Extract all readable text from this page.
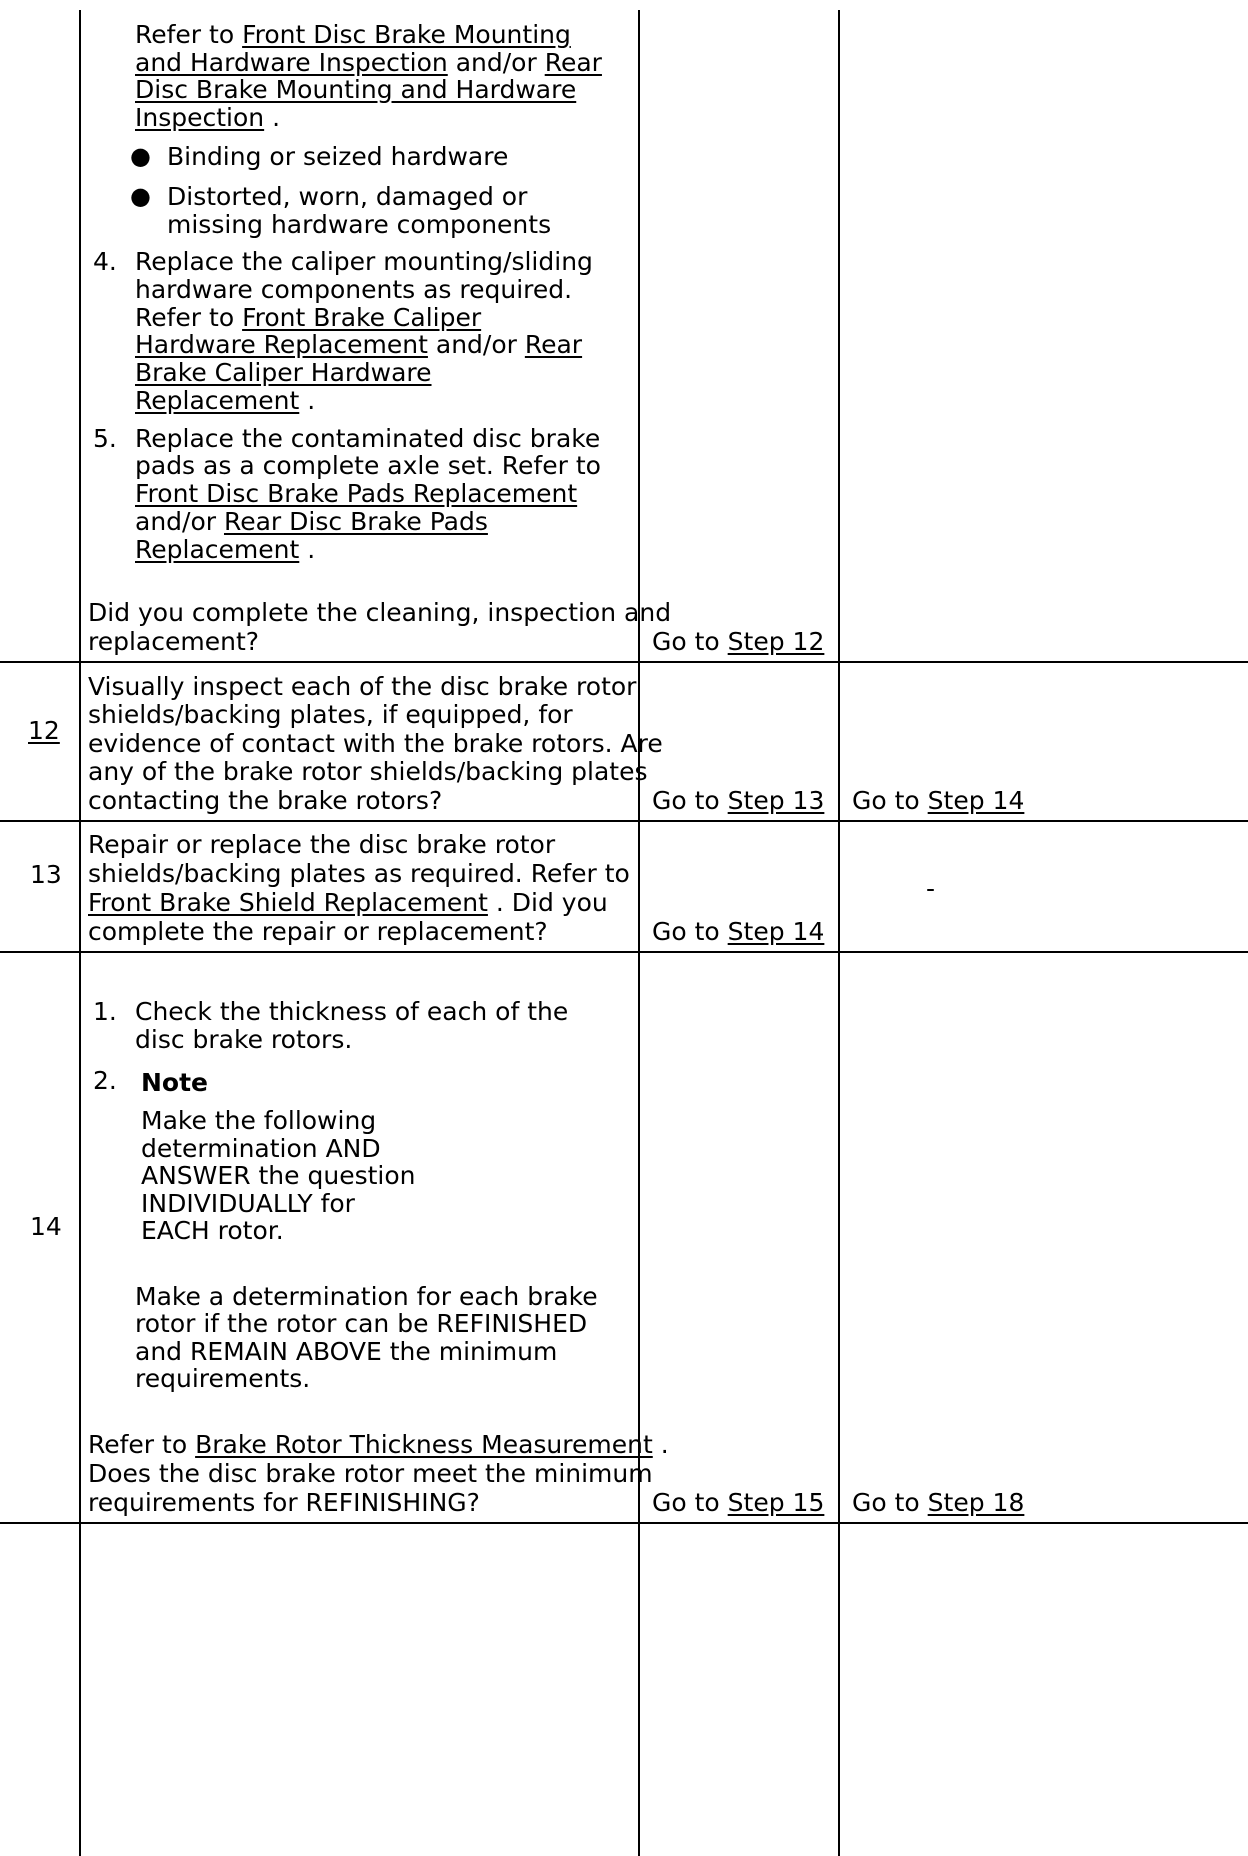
Refer to Front Disc Brake Mounting
and Hardware Inspection and/or Rear
Disc Brake Mounting and Hardware
Inspection .
● Binding or seized hardware
● Distorted, worn, damaged or
missing hardware components
4. Replace the caliper mounting/sliding
hardware components as required.
Refer to Front Brake Caliper
Hardware Replacement and/or Rear
Brake Caliper Hardware
Replacement .
5. Replace the contaminated disc brake
pads as a complete axle set. Refer to
Front Disc Brake Pads Replacement
and/or Rear Disc Brake Pads
Replacement .
Did you complete the cleaning, inspection and
replacement?	Go to Step 12
12
Visually inspect each of the disc brake rotor
shields/backing plates, if equipped, for
evidence of contact with the brake rotors. Are
any of the brake rotor shields/backing plates
contacting the brake rotors?	Go to Step 13 Go to Step 14
13
Repair or replace the disc brake rotor
shields/backing plates as required. Refer to
Front Brake Shield Replacement . Did you
complete the repair or replacement?	Go to Step 14
-
14
1. Check the thickness of each of the
disc brake rotors.
2. Note
Make the following
determination AND
ANSWER the question
INDIVIDUALLY for
EACH rotor.
Make a determination for each brake
rotor if the rotor can be REFINISHED
and REMAIN ABOVE the minimum
requirements.
Refer to Brake Rotor Thickness Measurement .
Does the disc brake rotor meet the minimum
requirements for REFINISHING?	Go to Step 15 Go to Step 18
